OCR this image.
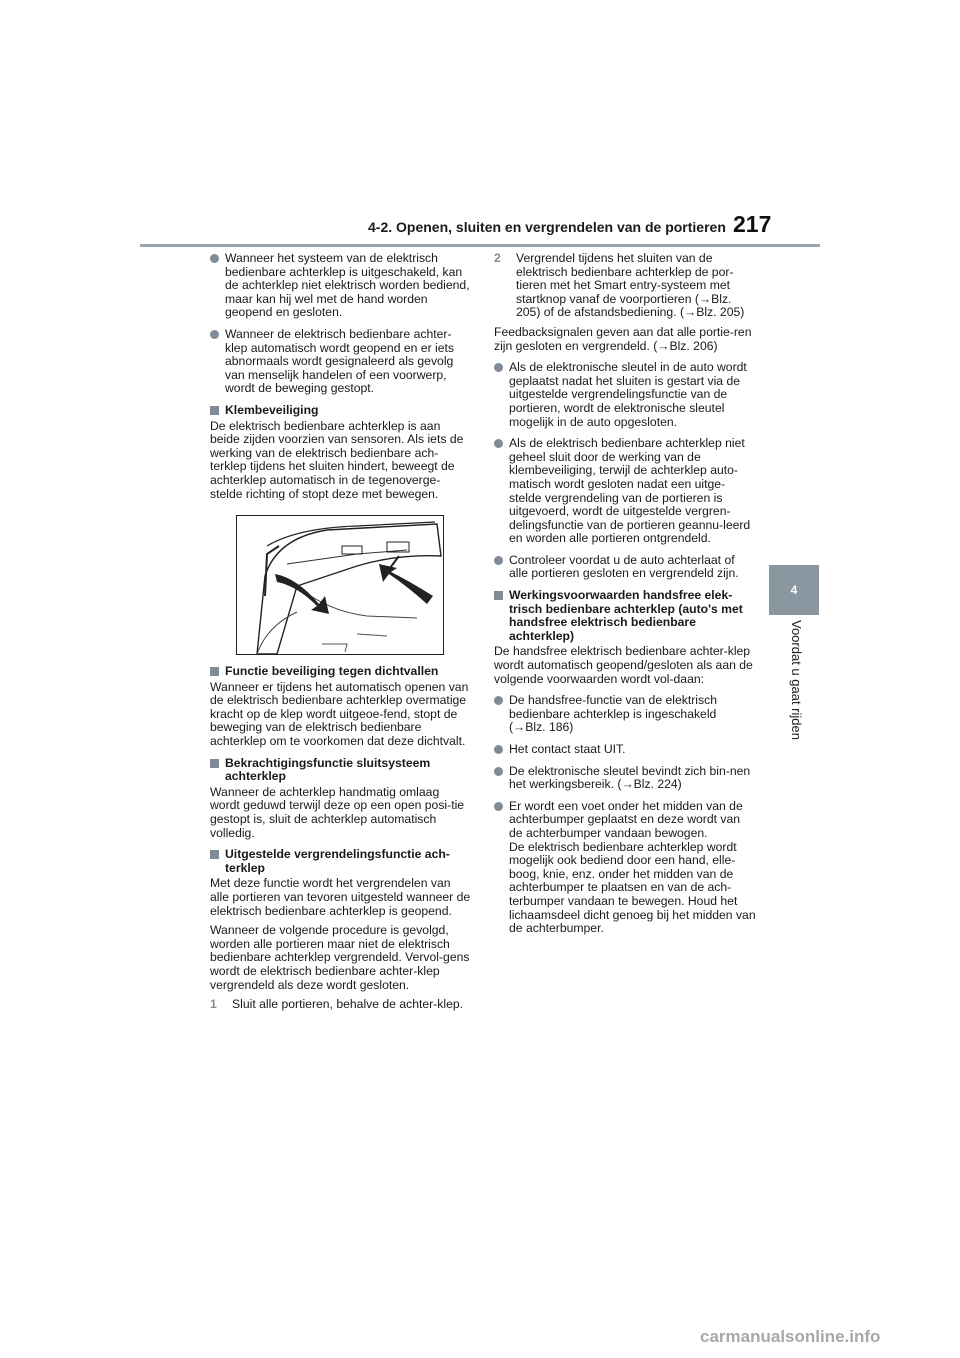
4-2. Openen, sluiten en vergrendelen van de portieren 217
4
Voordat u gaat rijden
Wanneer het systeem van de elektrisch bedienbare achterklep is uitgeschakeld, kan de achterklep niet elektrisch worden bediend, maar kan hij wel met de hand worden geopend en gesloten.
Wanneer de elektrisch bedienbare achter-klep automatisch wordt geopend en er iets abnormaals wordt gesignaleerd als gevolg van menselijk handelen of een voorwerp, wordt de beweging gestopt.
Klembeveiliging
De elektrisch bedienbare achterklep is aan beide zijden voorzien van sensoren. Als iets de werking van de elektrisch bedienbare ach-terklep tijdens het sluiten hindert, beweegt de achterklep automatisch in de tegenoverge-stelde richting of stopt deze met bewegen.
Functie beveiliging tegen dichtvallen
Wanneer er tijdens het automatisch openen van de elektrisch bedienbare achterklep overmatige kracht op de klep wordt uitgeoe-fend, stopt de beweging van de elektrisch bedienbare achterklep om te voorkomen dat deze dichtvalt.
Bekrachtigingsfunctie sluitsysteem achterklep
Wanneer de achterklep handmatig omlaag wordt geduwd terwijl deze op een open posi-tie gestopt is, sluit de achterklep automatisch volledig.
Uitgestelde vergrendelingsfunctie ach-terklep
Met deze functie wordt het vergrendelen van alle portieren van tevoren uitgesteld wanneer de elektrisch bedienbare achterklep is geopend.
Wanneer de volgende procedure is gevolgd, worden alle portieren maar niet de elektrisch bedienbare achterklep vergrendeld. Vervol-gens wordt de elektrisch bedienbare achter-klep vergrendeld als deze wordt gesloten.
1 Sluit alle portieren, behalve de achter-klep.
2 Vergrendel tijdens het sluiten van de elektrisch bedienbare achterklep de por-tieren met het Smart entry-systeem met startknop vanaf de voorportieren (→Blz. 205) of de afstandsbediening. (→Blz. 205)
Feedbacksignalen geven aan dat alle portie-ren zijn gesloten en vergrendeld. (→Blz. 206)
Als de elektronische sleutel in de auto wordt geplaatst nadat het sluiten is gestart via de uitgestelde vergrendelingsfunctie van de portieren, wordt de elektronische sleutel mogelijk in de auto opgesloten.
Als de elektrisch bedienbare achterklep niet geheel sluit door de werking van de klembeveiliging, terwijl de achterklep auto-matisch wordt gesloten nadat een uitge-stelde vergrendeling van de portieren is uitgevoerd, wordt de uitgestelde vergren-delingsfunctie van de portieren geannu-leerd en worden alle portieren ontgrendeld.
Controleer voordat u de auto achterlaat of alle portieren gesloten en vergrendeld zijn.
Werkingsvoorwaarden handsfree elek-trisch bedienbare achterklep (auto's met handsfree elektrisch bedienbare achterklep)
De handsfree elektrisch bedienbare achter-klep wordt automatisch geopend/gesloten als aan de volgende voorwaarden wordt vol-daan:
De handsfree-functie van de elektrisch bedienbare achterklep is ingeschakeld (→Blz. 186)
Het contact staat UIT.
De elektronische sleutel bevindt zich bin-nen het werkingsbereik. (→Blz. 224)
Er wordt een voet onder het midden van de achterbumper geplaatst en deze wordt van de achterbumper vandaan bewogen.
De elektrisch bedienbare achterklep wordt mogelijk ook bediend door een hand, elle-boog, knie, enz. onder het midden van de achterbumper te plaatsen en van de ach-terbumper vandaan te bewegen. Houd het lichaamsdeel dicht genoeg bij het midden van de achterbumper.
carmanualsonline.info
